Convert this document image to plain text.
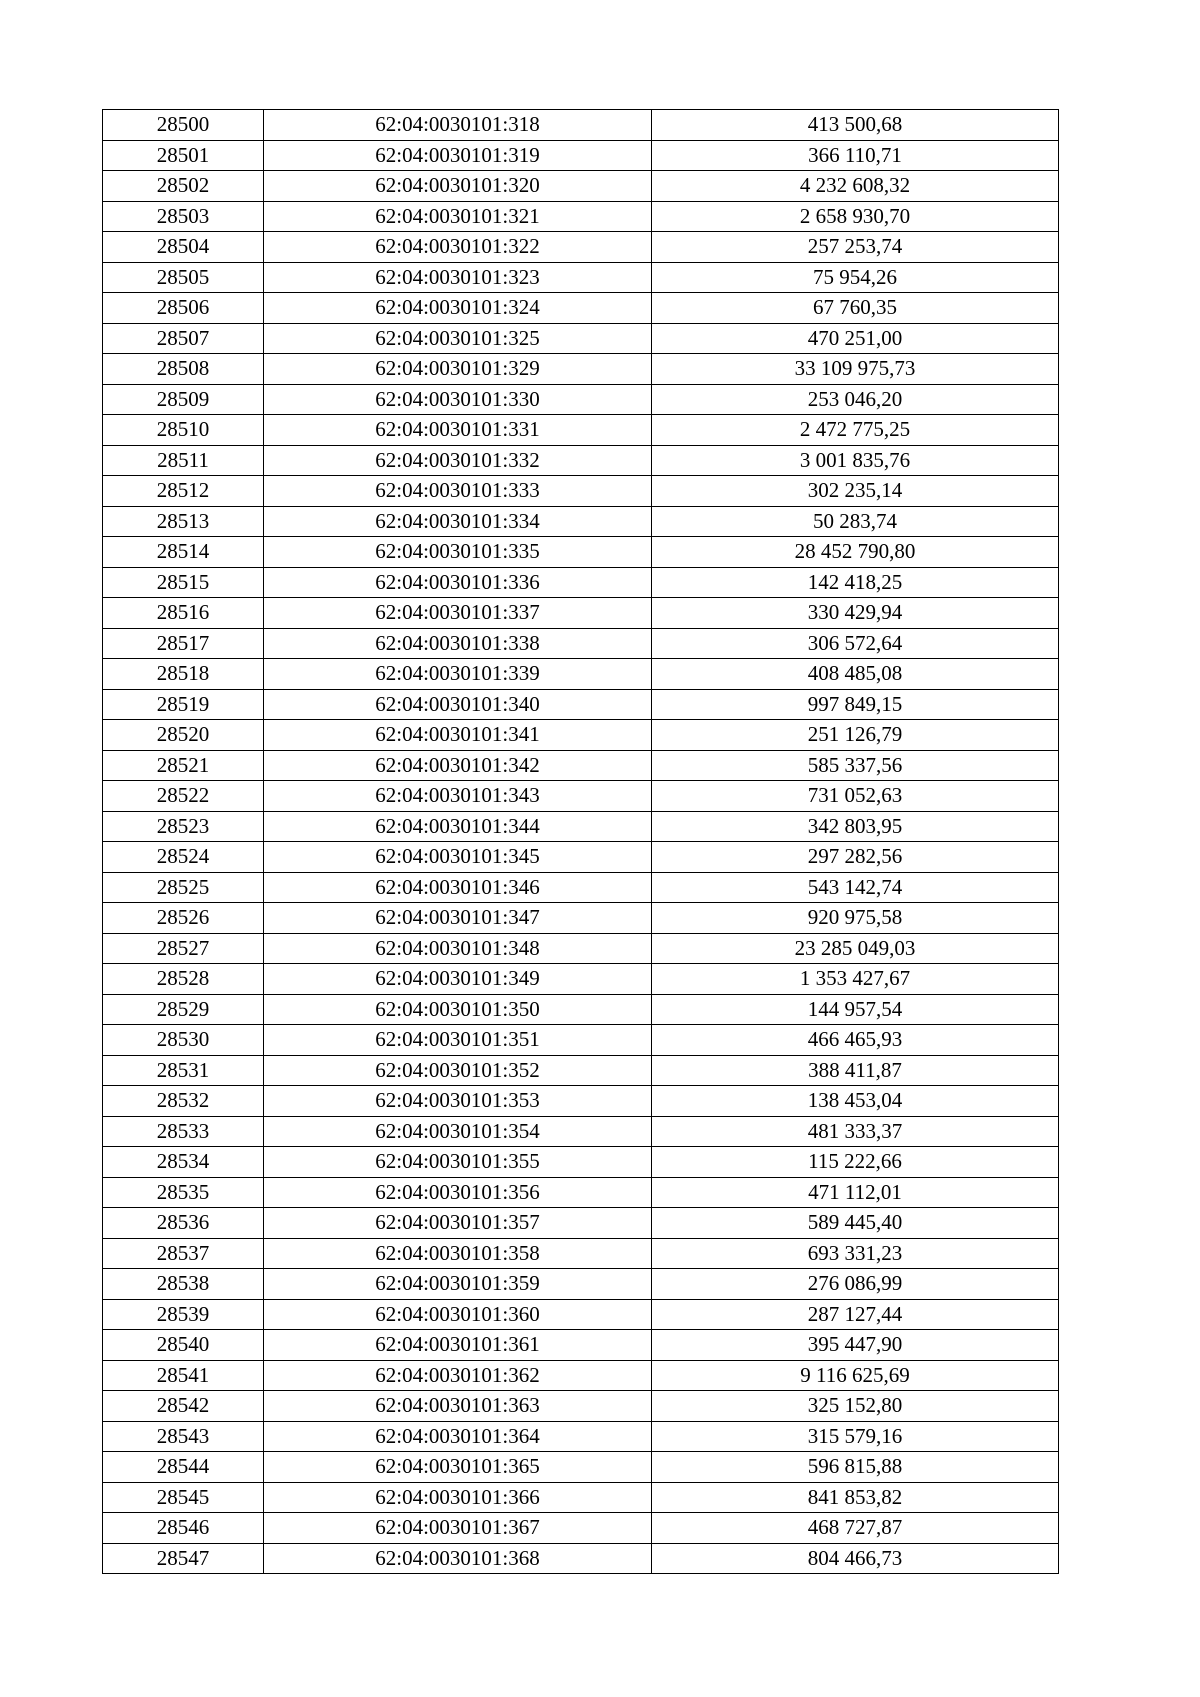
28500	62:04:0030101:318	413 500,68
28501	62:04:0030101:319	366 110,71
28502	62:04:0030101:320	4 232 608,32
28503	62:04:0030101:321	2 658 930,70
28504	62:04:0030101:322	257 253,74
28505	62:04:0030101:323	75 954,26
28506	62:04:0030101:324	67 760,35
28507	62:04:0030101:325	470 251,00
28508	62:04:0030101:329	33 109 975,73
28509	62:04:0030101:330	253 046,20
28510	62:04:0030101:331	2 472 775,25
28511	62:04:0030101:332	3 001 835,76
28512	62:04:0030101:333	302 235,14
28513	62:04:0030101:334	50 283,74
28514	62:04:0030101:335	28 452 790,80
28515	62:04:0030101:336	142 418,25
28516	62:04:0030101:337	330 429,94
28517	62:04:0030101:338	306 572,64
28518	62:04:0030101:339	408 485,08
28519	62:04:0030101:340	997 849,15
28520	62:04:0030101:341	251 126,79
28521	62:04:0030101:342	585 337,56
28522	62:04:0030101:343	731 052,63
28523	62:04:0030101:344	342 803,95
28524	62:04:0030101:345	297 282,56
28525	62:04:0030101:346	543 142,74
28526	62:04:0030101:347	920 975,58
28527	62:04:0030101:348	23 285 049,03
28528	62:04:0030101:349	1 353 427,67
28529	62:04:0030101:350	144 957,54
28530	62:04:0030101:351	466 465,93
28531	62:04:0030101:352	388 411,87
28532	62:04:0030101:353	138 453,04
28533	62:04:0030101:354	481 333,37
28534	62:04:0030101:355	115 222,66
28535	62:04:0030101:356	471 112,01
28536	62:04:0030101:357	589 445,40
28537	62:04:0030101:358	693 331,23
28538	62:04:0030101:359	276 086,99
28539	62:04:0030101:360	287 127,44
28540	62:04:0030101:361	395 447,90
28541	62:04:0030101:362	9 116 625,69
28542	62:04:0030101:363	325 152,80
28543	62:04:0030101:364	315 579,16
28544	62:04:0030101:365	596 815,88
28545	62:04:0030101:366	841 853,82
28546	62:04:0030101:367	468 727,87
28547	62:04:0030101:368	804 466,73
